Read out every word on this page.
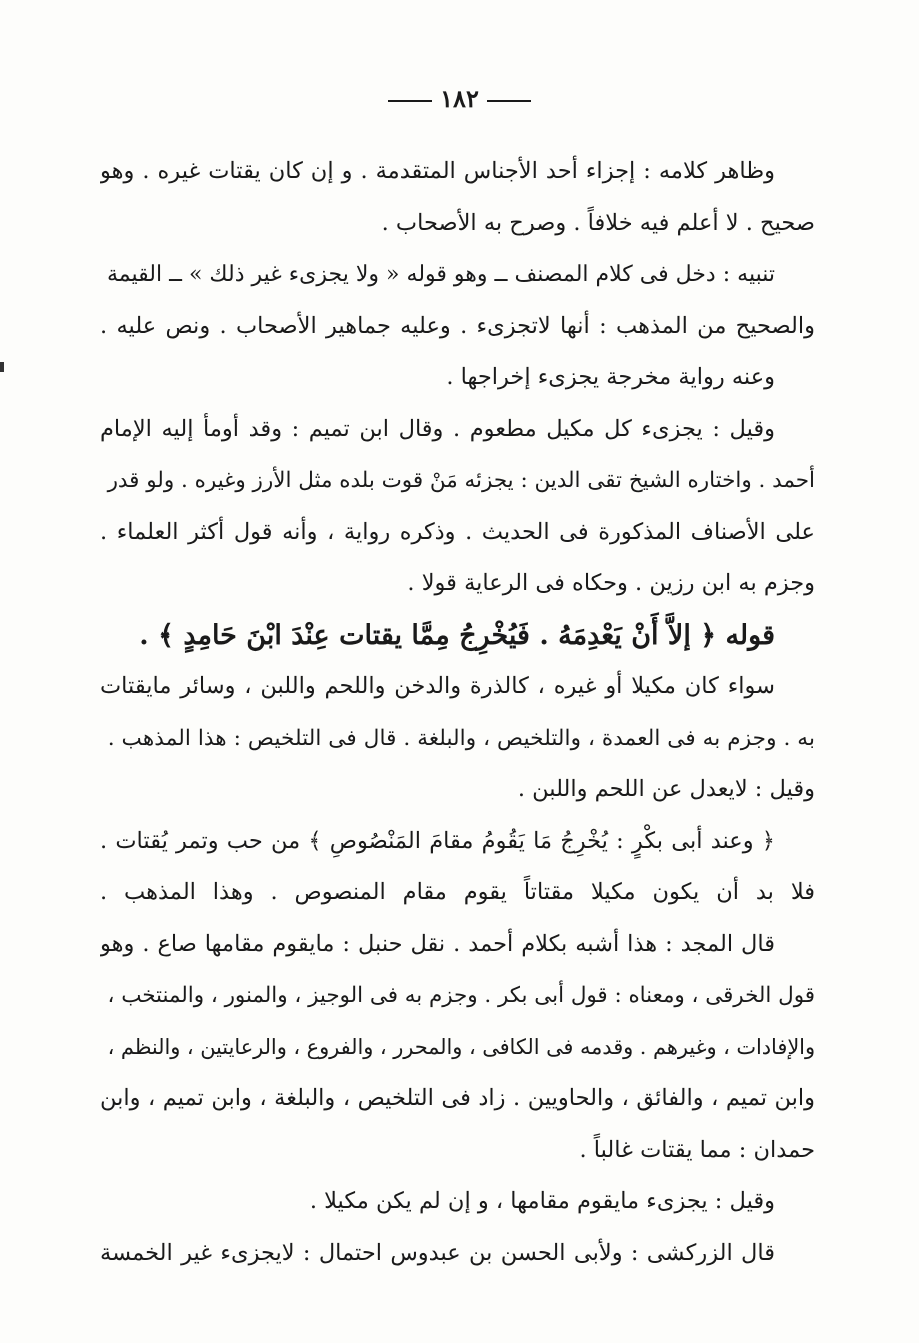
١٨٢
وظاهر كلامه : إجزاء أحد الأجناس المتقدمة . و إن كان يقتات غيره . وهو
صحيح . لا أعلم فيه خلافاً . وصرح به الأصحاب .
تنبيه : دخل فى كلام المصنف ــ وهو قوله « ولا يجزىء غير ذلك » ــ القيمة
والصحيح من المذهب : أنها لاتجزىء . وعليه جماهير الأصحاب . ونص عليه .
وعنه رواية مخرجة يجزىء إخراجها .
وقيل : يجزىء كل مكيل مطعوم . وقال ابن تميم : وقد أومأ إليه الإمام
أحمد . واختاره الشيخ تقى الدين : يجزئه مَنْ قوت بلده مثل الأرز وغيره . ولو قدر
على الأصناف المذكورة فى الحديث . وذكره رواية ، وأنه قول أكثر العلماء .
وجزم به ابن رزين . وحكاه فى الرعاية قولا .
قوله ﴿ إلاَّ أَنْ يَعْدِمَهُ . فَيُخْرِجُ مِمَّا يقتات عِنْدَ ابْنَ حَامِدٍ ﴾ .
سواء كان مكيلا أو غيره ، كالذرة والدخن واللحم واللبن ، وسائر مايقتات
به . وجزم به فى العمدة ، والتلخيص ، والبلغة . قال فى التلخيص : هذا المذهب .
وقيل : لايعدل عن اللحم واللبن .
﴿ وعند أبى بكْرٍ : يُخْرِجُ مَا يَقُومُ مقامَ المَنْصُوصِ ﴾ من حب وتمر يُقتات .
فلا بد أن يكون مكيلا مقتاتاً يقوم مقام المنصوص . وهذا المذهب .
قال المجد : هذا أشبه بكلام أحمد . نقل حنبل : مايقوم مقامها صاع . وهو
قول الخرقى ، ومعناه : قول أبى بكر . وجزم به فى الوجيز ، والمنور ، والمنتخب ،
والإفادات ، وغيرهم . وقدمه فى الكافى ، والمحرر ، والفروع ، والرعايتين ، والنظم ،
وابن تميم ، والفائق ، والحاويين . زاد فى التلخيص ، والبلغة ، وابن تميم ، وابن
حمدان : مما يقتات غالباً .
وقيل : يجزىء مايقوم مقامها ، و إن لم يكن مكيلا .
قال الزركشى : ولأبى الحسن بن عبدوس احتمال : لايجزىء غير الخمسة
